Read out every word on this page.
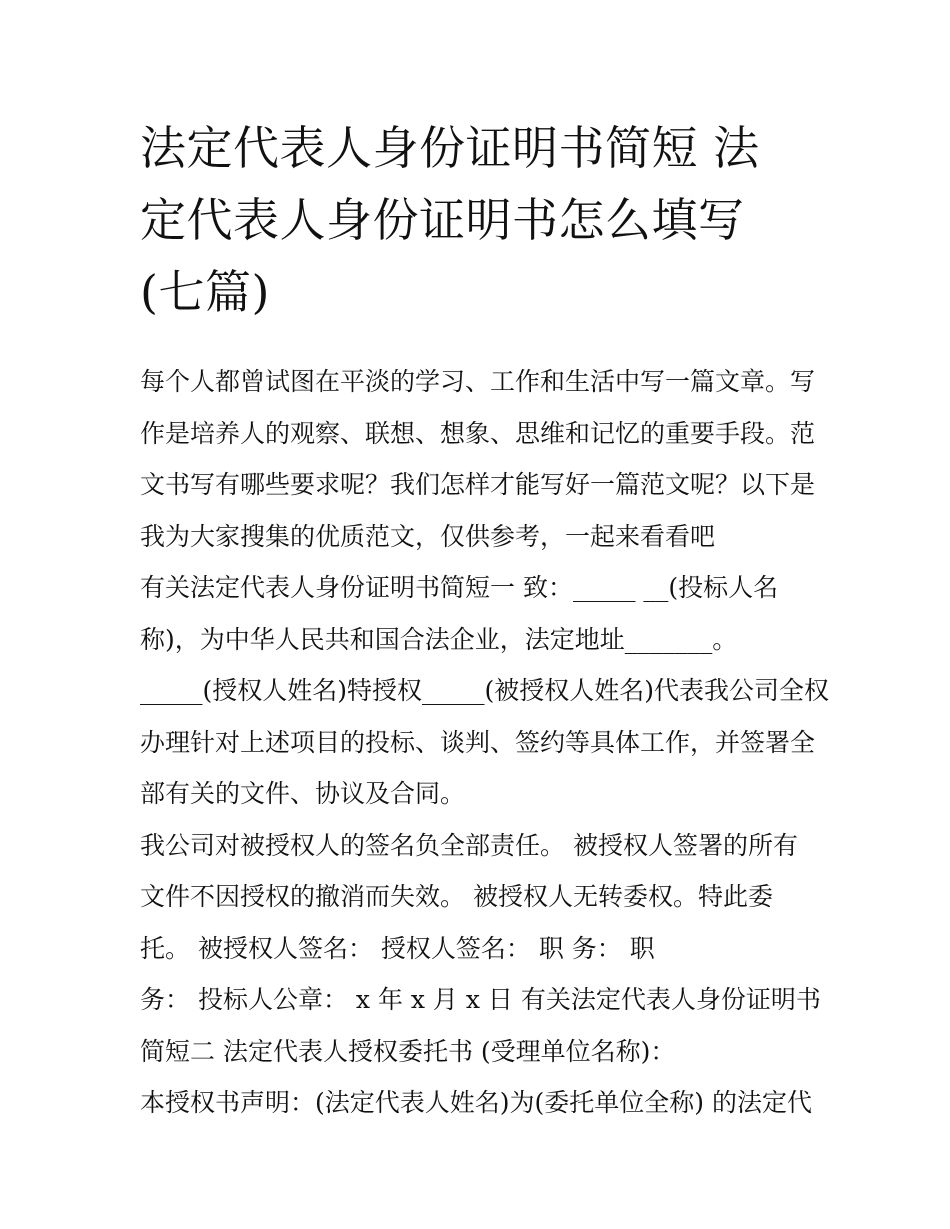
法定代表人身份证明书简短 法
定代表人身份证明书怎么填写
(七篇)
每个人都曾试图在平淡的学习、工作和生活中写一篇文章。写
作是培养人的观察、联想、想象、思维和记忆的重要手段。范
文书写有哪些要求呢？我们怎样才能写好一篇范文呢？以下是
我为大家搜集的优质范文，仅供参考，一起来看看吧
有关法定代表人身份证明书简短一 致：_____ __(投标人名
称)，为中华人民共和国合法企业，法定地址_______。
_____(授权人姓名)特授权_____(被授权人姓名)代表我公司全权
办理针对上述项目的投标、谈判、签约等具体工作，并签署全
部有关的文件、协议及合同。
我公司对被授权人的签名负全部责任。 被授权人签署的所有
文件不因授权的撤消而失效。 被授权人无转委权。特此委
托。 被授权人签名： 授权人签名： 职 务： 职
务： 投标人公章： x 年 x 月 x 日 有关法定代表人身份证明书
简短二 法定代表人授权委托书 (受理单位名称)：
本授权书声明：(法定代表人姓名)为(委托单位全称) 的法定代
